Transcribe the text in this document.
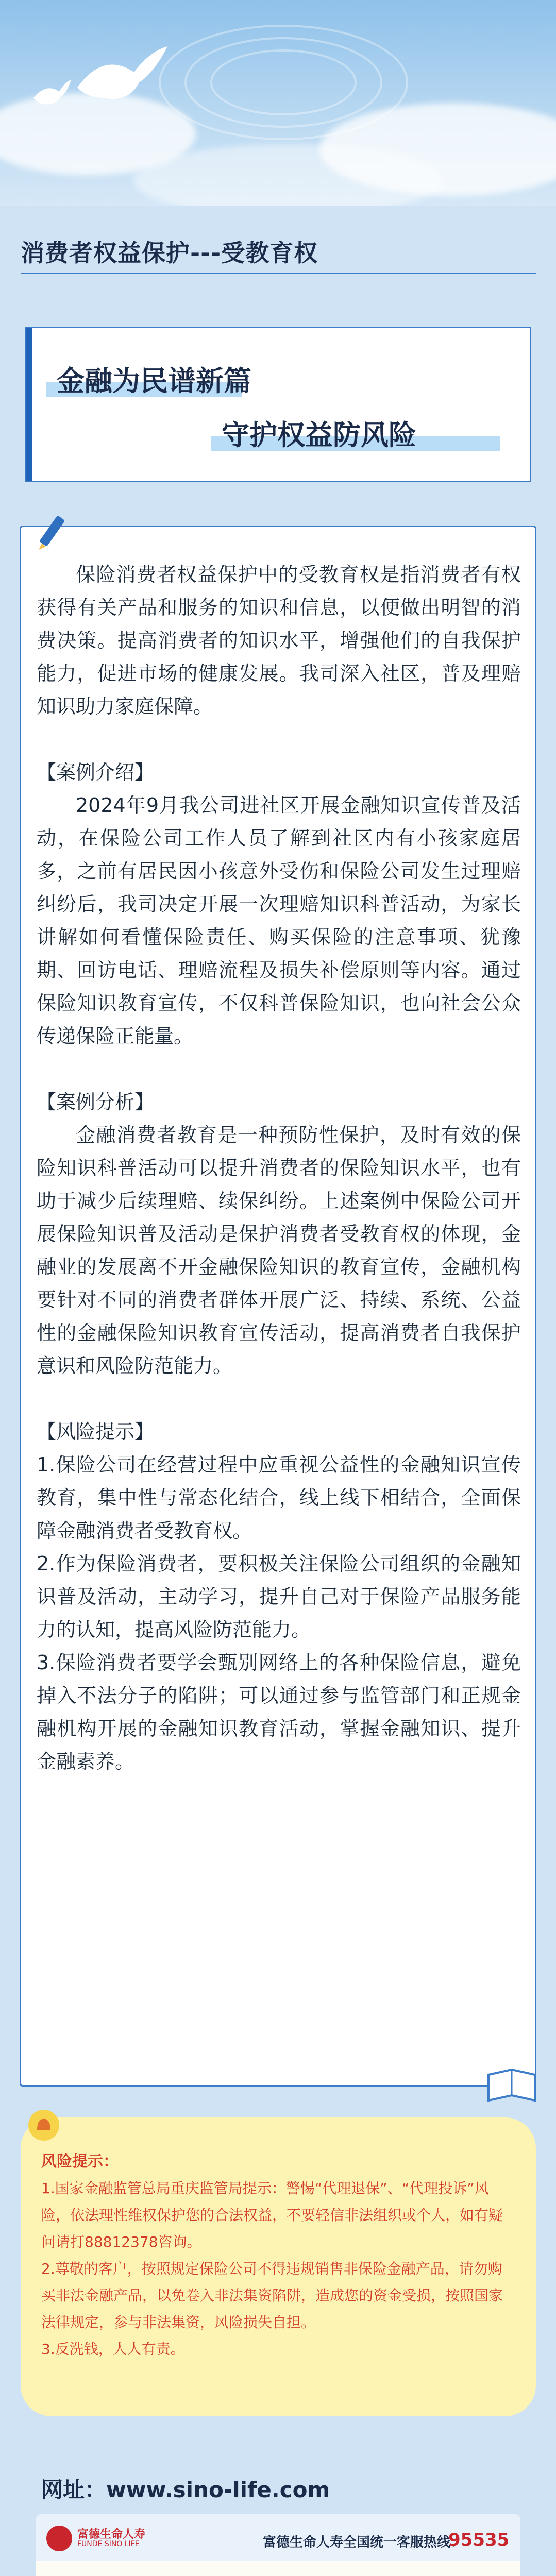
消费者权益保护---受教育权
金融为民谱新篇
守护权益防风险

保险消费者权益保护中的受教育权是指消费者有权获得有关产品和服务的知识和信息，以便做出明智的消费决策。提高消费者的知识水平，增强他们的自我保护能力，促进市场的健康发展。我司深入社区，普及理赔知识助力家庭保障。

【案例介绍】

2024年9月我公司进社区开展金融知识宣传普及活动，在保险公司工作人员了解到社区内有小孩家庭居多，之前有居民因小孩意外受伤和保险公司发生过理赔纠纷后，我司决定开展一次理赔知识科普活动，为家长讲解如何看懂保险责任、购买保险的注意事项、犹豫期、回访电话、理赔流程及损失补偿原则等内容。通过保险知识教育宣传，不仅科普保险知识，也向社会公众传递保险正能量。

【案例分析】

金融消费者教育是一种预防性保护，及时有效的保险知识科普活动可以提升消费者的保险知识水平，也有助于减少后续理赔、续保纠纷。上述案例中保险公司开展保险知识普及活动是保护消费者受教育权的体现，金融业的发展离不开金融保险知识的教育宣传，金融机构要针对不同的消费者群体开展广泛、持续、系统、公益性的金融保险知识教育宣传活动，提高消费者自我保护意识和风险防范能力。

【风险提示】

1.保险公司在经营过程中应重视公益性的金融知识宣传教育，集中性与常态化结合，线上线下相结合，全面保障金融消费者受教育权。

2.作为保险消费者，要积极关注保险公司组织的金融知识普及活动，主动学习，提升自己对于保险产品服务能力的认知，提高风险防范能力。

3.保险消费者要学会甄别网络上的各种保险信息，避免掉入不法分子的陷阱；可以通过参与监管部门和正规金融机构开展的金融知识教育活动，掌握金融知识、提升金融素养。

风险提示：
1.国家金融监管总局重庆监管局提示：警惕“代理退保”、“代理投诉”风险，依法理性维权保护您的合法权益，不要轻信非法组织或个人，如有疑问请打88812378咨询。
2.尊敬的客户，按照规定保险公司不得违规销售非保险金融产品，请勿购买非法金融产品，以免卷入非法集资陷阱，造成您的资金受损，按照国家法律规定，参与非法集资，风险损失自担。
3.反洗钱，人人有责。
网址：www.sino-life.com
富德生命人寿
FUNDE SINO LIFE	富德生命人寿全国统一客服热线：
95535
